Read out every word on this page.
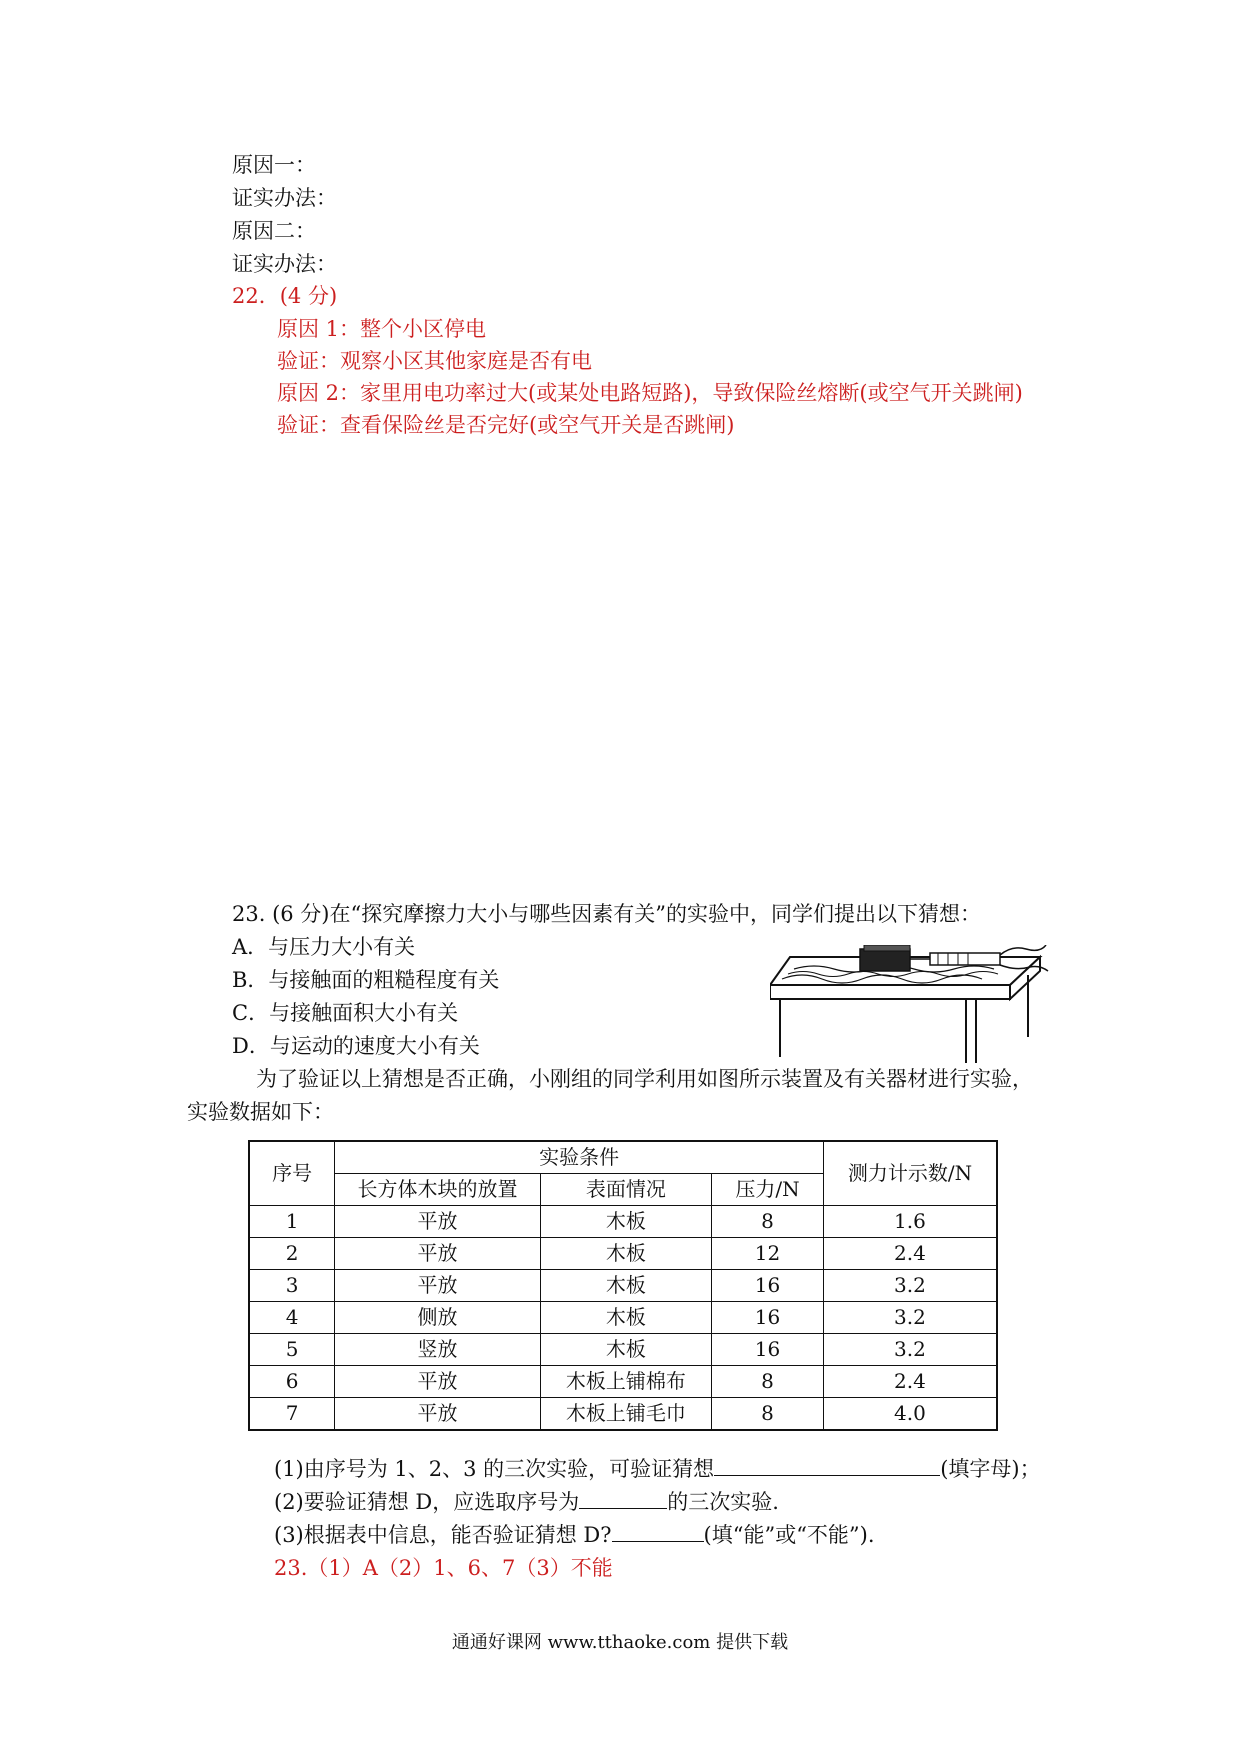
原因一：
证实办法：
原因二：
证实办法：
22．(4 分)
原因 1：整个小区停电
验证：观察小区其他家庭是否有电
原因 2：家里用电功率过大(或某处电路短路)，导致保险丝熔断(或空气开关跳闸)
验证：查看保险丝是否完好(或空气开关是否跳闸)
23. (6 分)在“探究摩擦力大小与哪些因素有关”的实验中，同学们提出以下猜想：
A．与压力大小有关
B．与接触面的粗糙程度有关
C．与接触面积大小有关
D．与运动的速度大小有关
为了验证以上猜想是否正确，小刚组的同学利用如图所示装置及有关器材进行实验，
实验数据如下：
序号	实验条件			测力计示数/N
	长方体木块的放置	表面情况	压力/N	
1	平放	木板	8	1.6
2	平放	木板	12	2.4
3	平放	木板	16	3.2
4	侧放	木板	16	3.2
5	竖放	木板	16	3.2
6	平放	木板上铺棉布	8	2.4
7	平放	木板上铺毛巾	8	4.0
(1)由序号为 1、2、3 的三次实验，可验证猜想	(填字母)；
(2)要验证猜想 D，应选取序号为	的三次实验.
(3)根据表中信息，能否验证猜想 D?	(填“能”或“不能”).
23.（1）A（2）1、6、7（3）不能
通通好课网 www.tthaoke.com 提供下载
